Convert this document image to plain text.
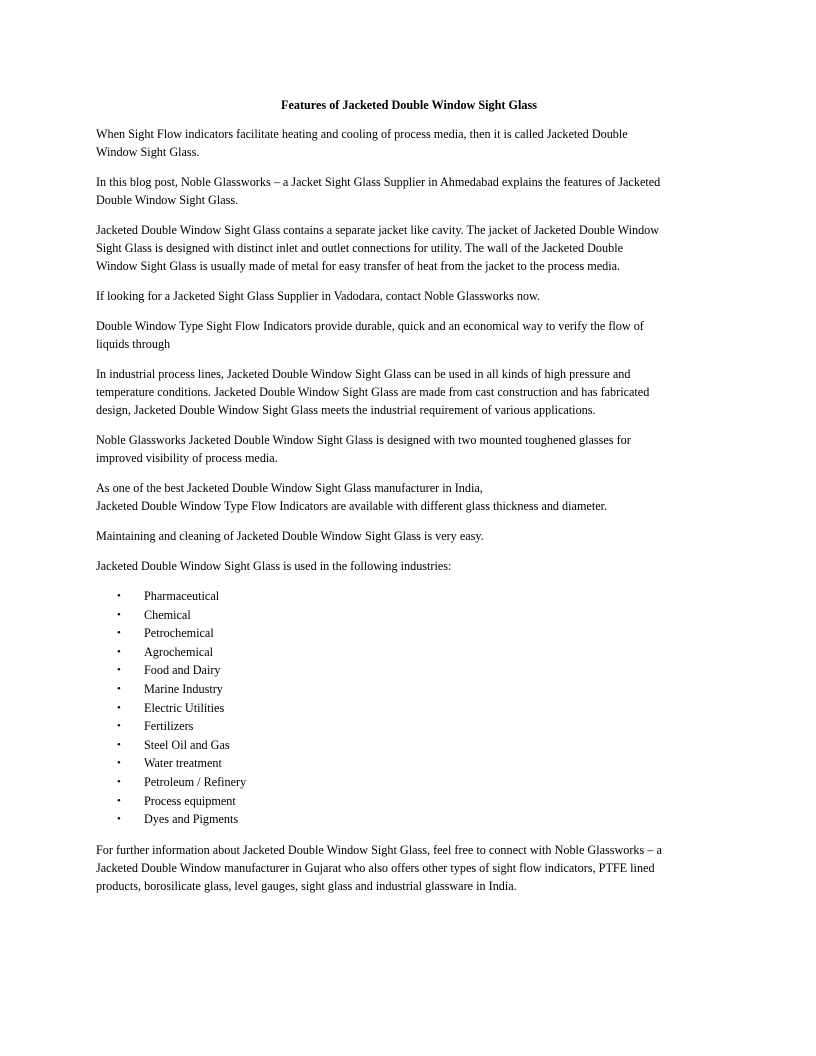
Features of Jacketed Double Window Sight Glass
When Sight Flow indicators facilitate heating and cooling of process media, then it is called Jacketed Double
Window Sight Glass.
In this blog post, Noble Glassworks – a Jacket Sight Glass Supplier in Ahmedabad explains the features of Jacketed
Double Window Sight Glass.
Jacketed Double Window Sight Glass contains a separate jacket like cavity. The jacket of Jacketed Double Window
Sight Glass is designed with distinct inlet and outlet connections for utility. The wall of the Jacketed Double
Window Sight Glass is usually made of metal for easy transfer of heat from the jacket to the process media.
If looking for a Jacketed Sight Glass Supplier in Vadodara, contact Noble Glassworks now.
Double Window Type Sight Flow Indicators provide durable, quick and an economical way to verify the flow of
liquids through
In industrial process lines, Jacketed Double Window Sight Glass can be used in all kinds of high pressure and
temperature conditions. Jacketed Double Window Sight Glass are made from cast construction and has fabricated
design, Jacketed Double Window Sight Glass meets the industrial requirement of various applications.
Noble Glassworks Jacketed Double Window Sight Glass is designed with two mounted toughened glasses for
improved visibility of process media.
As one of the best Jacketed Double Window Sight Glass manufacturer in India,
Jacketed Double Window Type Flow Indicators are available with different glass thickness and diameter.
Maintaining and cleaning of Jacketed Double Window Sight Glass is very easy.
Jacketed Double Window Sight Glass is used in the following industries:
• Pharmaceutical
• Chemical
• Petrochemical
• Agrochemical
• Food and Dairy
• Marine Industry
• Electric Utilities
• Fertilizers
• Steel Oil and Gas
• Water treatment
• Petroleum / Refinery
• Process equipment
• Dyes and Pigments
For further information about Jacketed Double Window Sight Glass, feel free to connect with Noble Glassworks – a
Jacketed Double Window manufacturer in Gujarat who also offers other types of sight flow indicators, PTFE lined
products, borosilicate glass, level gauges, sight glass and industrial glassware in India.
